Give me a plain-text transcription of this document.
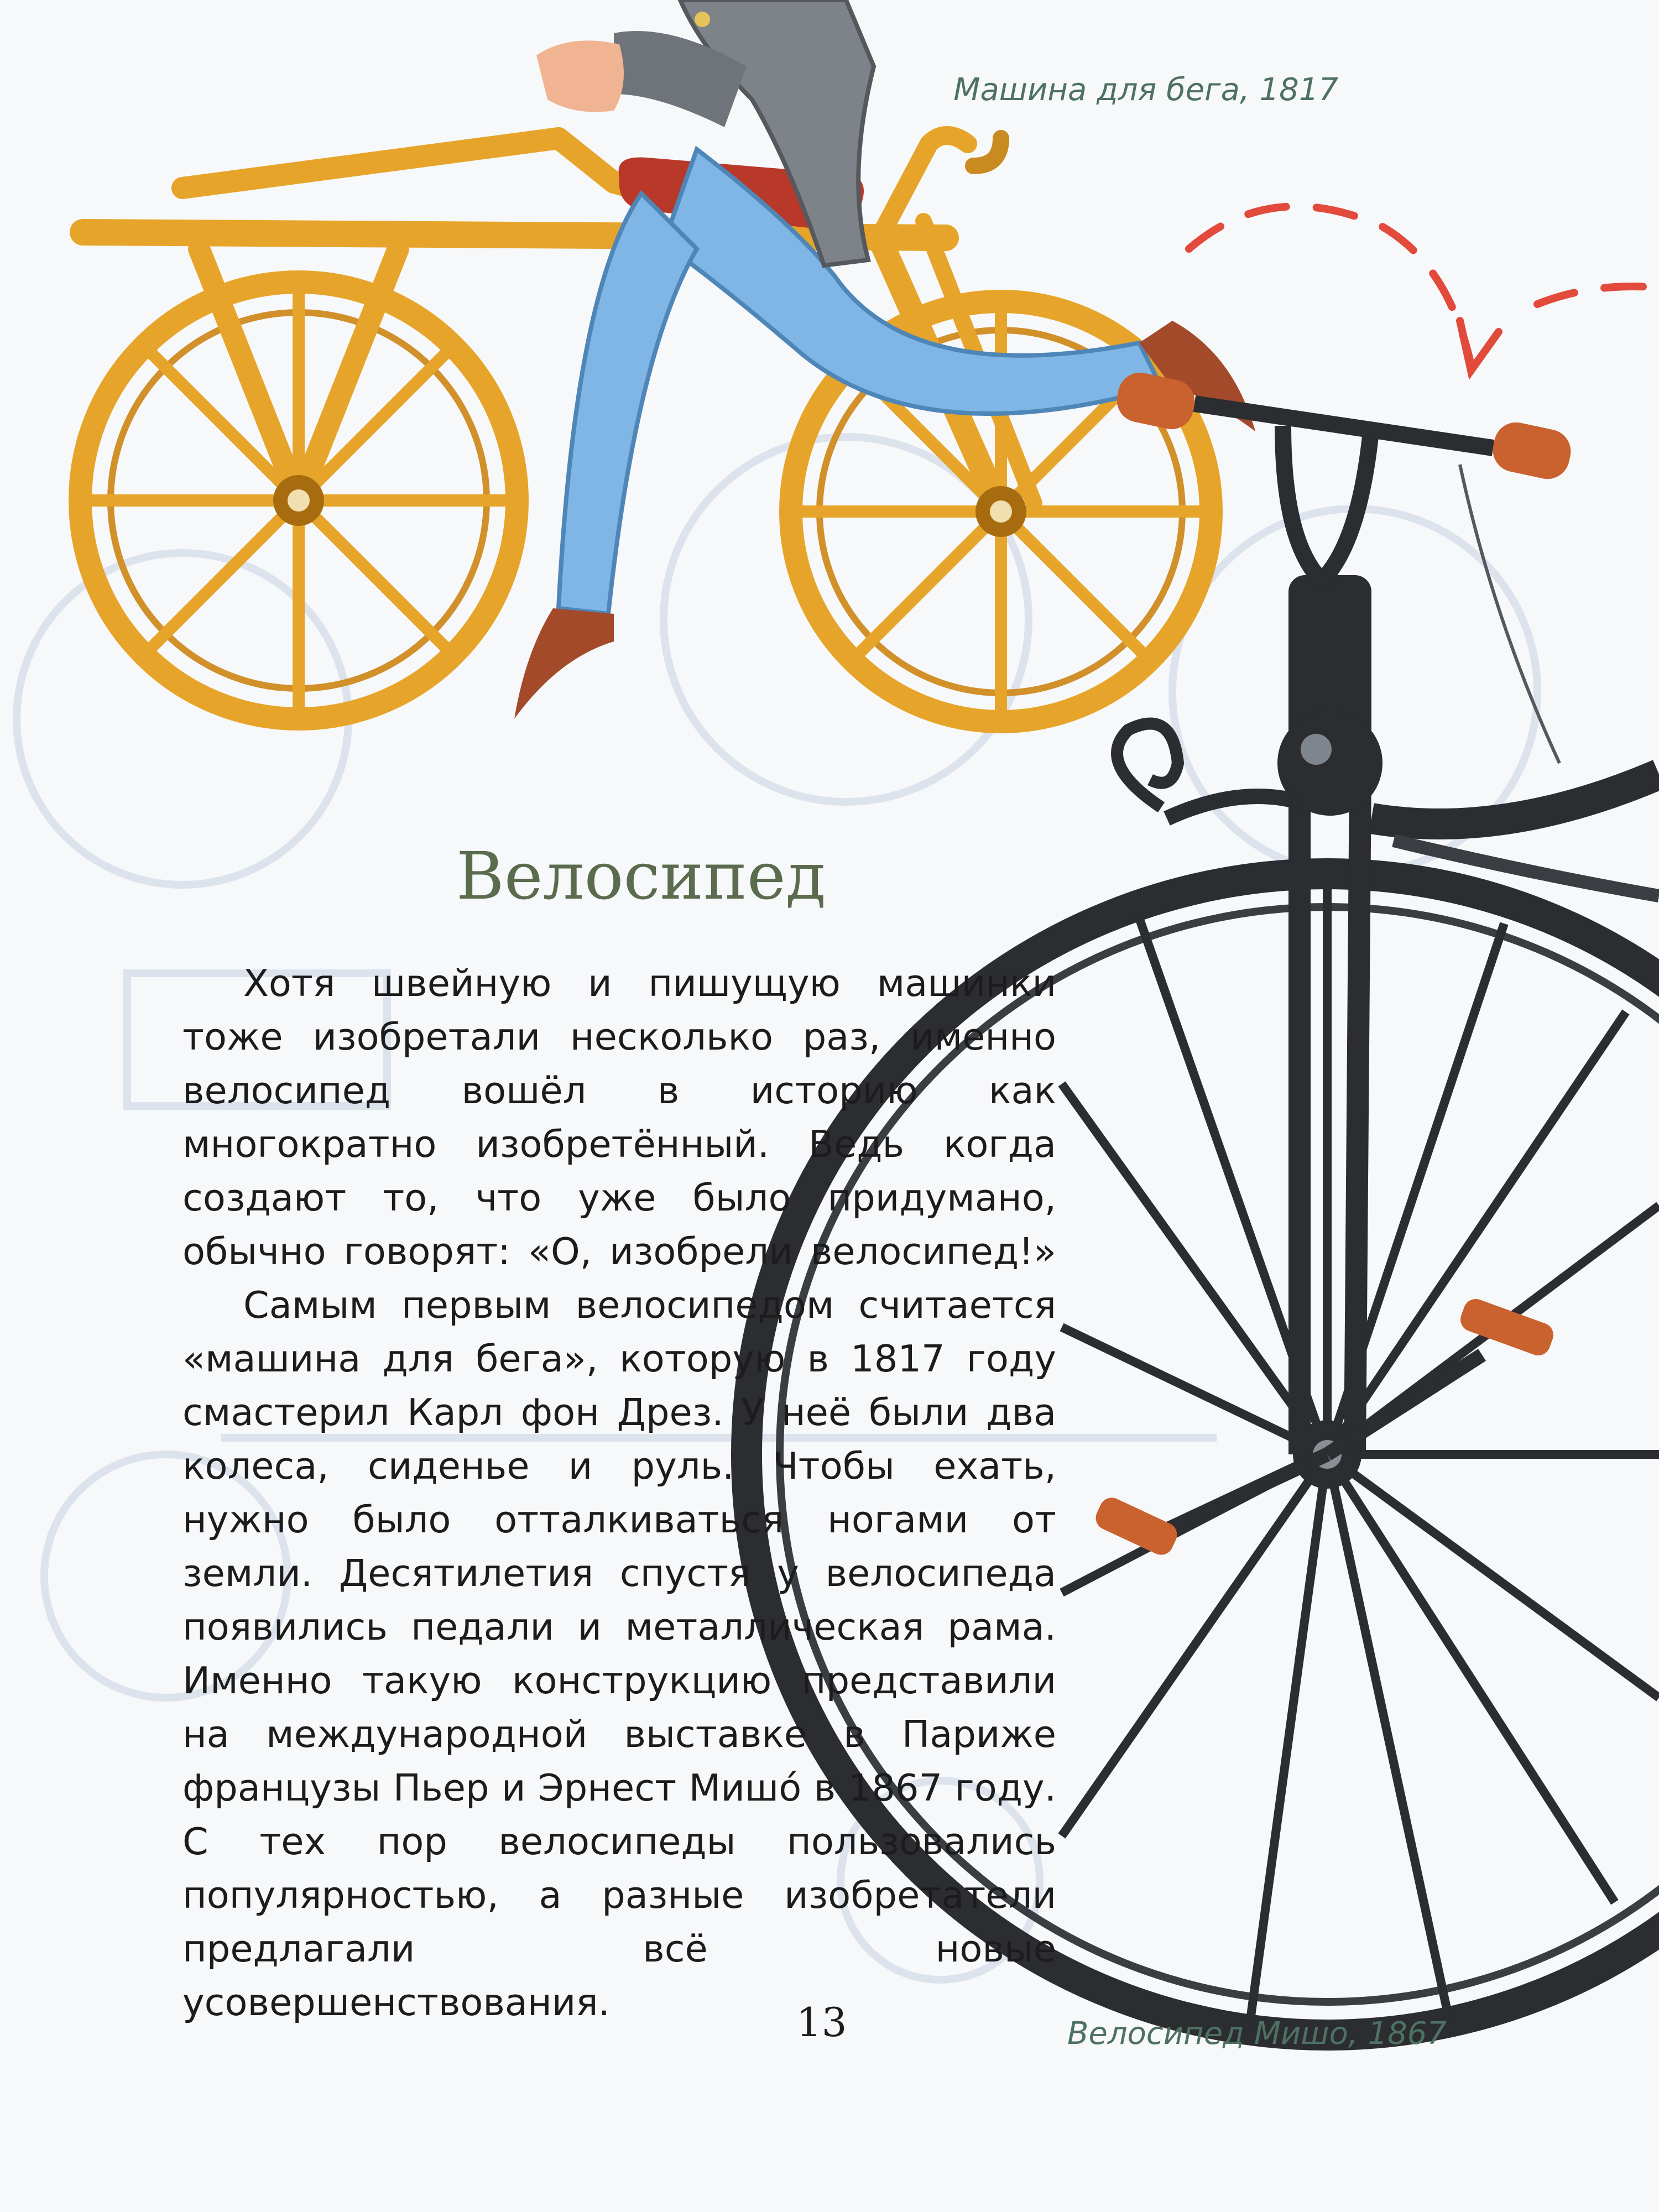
Машина для бега, 1817
Велосипед

Хотя швейную и пишущую машинки тоже изобретали несколько раз, именно велосипед вошёл в историю как многократно изобретённый. Ведь когда создают то, что уже было придумано, обычно говорят: «О, изобрели велосипед!»

Самым первым велосипедом считается «машина для бега», которую в 1817 году смастерил Карл фон Дрез. У неё были два колеса, сиденье и руль. Чтобы ехать, нужно было отталкиваться ногами от земли. Десятилетия спустя у велосипеда появились педали и металлическая рама. Именно такую конструкцию представили на международной выставке в Париже французы Пьер и Эрнест Мишо́ в 1867 году. С тех пор велосипеды пользовались популярностью, а разные изобретатели предлагали всё новые усовершенствования.	13	Велосипед Мишо, 1867
